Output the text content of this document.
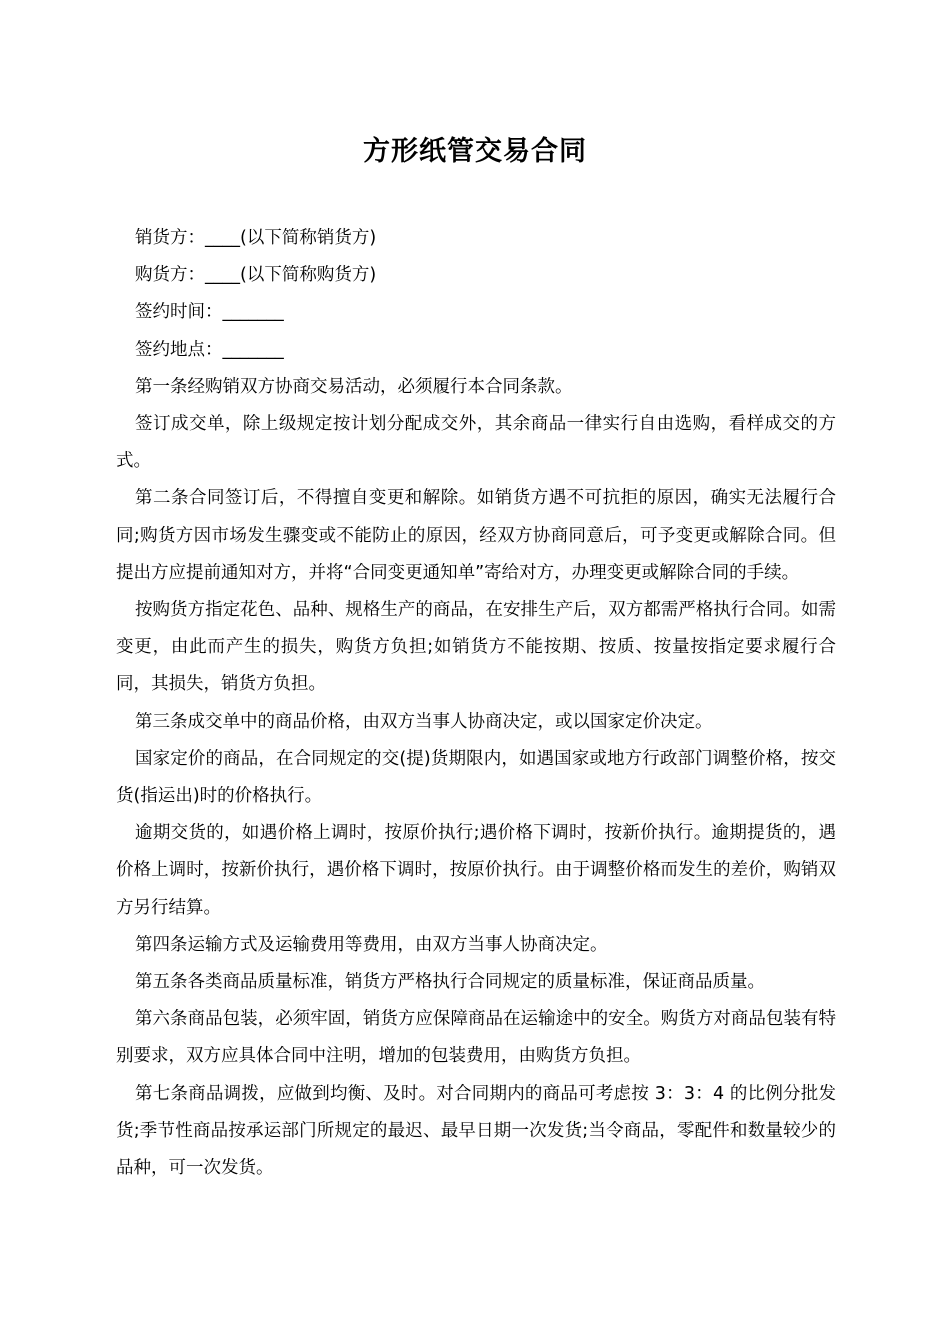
方形纸管交易合同

销货方：____(以下简称销货方)

购货方：____(以下简称购货方)

签约时间：_______

签约地点：_______

第一条经购销双方协商交易活动，必须履行本合同条款。

签订成交单，除上级规定按计划分配成交外，其余商品一律实行自由选购，看样成交的方式。

第二条合同签订后，不得擅自变更和解除。如销货方遇不可抗拒的原因，确实无法履行合同;购货方因市场发生骤变或不能防止的原因，经双方协商同意后，可予变更或解除合同。但提出方应提前通知对方，并将“合同变更通知单”寄给对方，办理变更或解除合同的手续。

按购货方指定花色、品种、规格生产的商品，在安排生产后，双方都需严格执行合同。如需变更，由此而产生的损失，购货方负担;如销货方不能按期、按质、按量按指定要求履行合同，其损失，销货方负担。

第三条成交单中的商品价格，由双方当事人协商决定，或以国家定价决定。

国家定价的商品，在合同规定的交(提)货期限内，如遇国家或地方行政部门调整价格，按交货(指运出)时的价格执行。

逾期交货的，如遇价格上调时，按原价执行;遇价格下调时，按新价执行。逾期提货的，遇价格上调时，按新价执行，遇价格下调时，按原价执行。由于调整价格而发生的差价，购销双方另行结算。

第四条运输方式及运输费用等费用，由双方当事人协商决定。

第五条各类商品质量标准，销货方严格执行合同规定的质量标准，保证商品质量。

第六条商品包装，必须牢固，销货方应保障商品在运输途中的安全。购货方对商品包装有特别要求，双方应具体合同中注明，增加的包装费用，由购货方负担。

第七条商品调拨，应做到均衡、及时。对合同期内的商品可考虑按 3：3：4 的比例分批发货;季节性商品按承运部门所规定的最迟、最早日期一次发货;当令商品，零配件和数量较少的品种，可一次发货。
